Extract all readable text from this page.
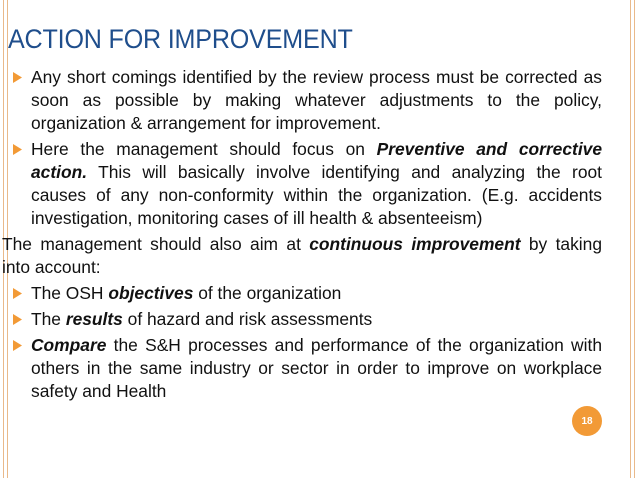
ACTION FOR IMPROVEMENT
Any short comings identified by the review process must be corrected as soon as possible by making whatever adjustments to the policy, organization & arrangement for improvement.
Here the management should focus on Preventive and corrective action. This will basically involve identifying and analyzing the root causes of any non-conformity within the organization. (E.g. accidents investigation, monitoring cases of ill health & absenteeism)
The management should also aim at continuous improvement by taking into account:
The OSH objectives of the organization
The results of hazard and risk assessments
Compare the S&H processes and performance of the organization with others in the same industry or sector in order to improve on workplace safety and Health
18
